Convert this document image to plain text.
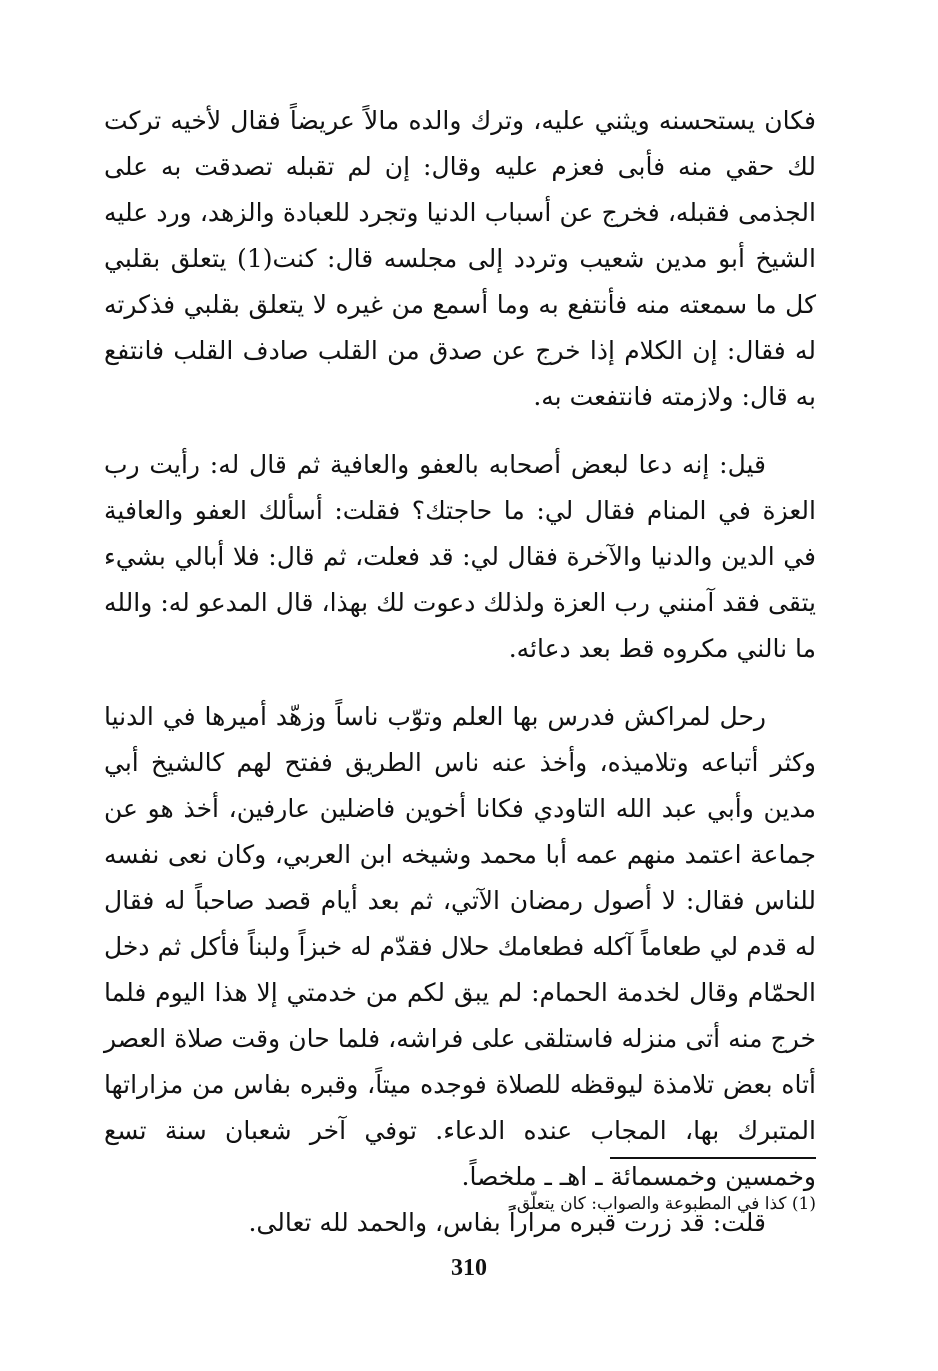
فكان يستحسنه ويثني عليه، وترك والده مالاً عريضاً فقال لأخيه تركت لك حقي منه فأبى فعزم عليه وقال: إن لم تقبله تصدقت به على الجذمى فقبله، فخرج عن أسباب الدنيا وتجرد للعبادة والزهد، ورد عليه الشيخ أبو مدين شعيب وتردد إلى مجلسه قال: كنت(1) يتعلق بقلبي كل ما سمعته منه فأنتفع به وما أسمع من غيره لا يتعلق بقلبي فذكرته له فقال: إن الكلام إذا خرج عن صدق من القلب صادف القلب فانتفع به قال: ولازمته فانتفعت به.

قيل: إنه دعا لبعض أصحابه بالعفو والعافية ثم قال له: رأيت رب العزة في المنام فقال لي: ما حاجتك؟ فقلت: أسألك العفو والعافية في الدين والدنيا والآخرة فقال لي: قد فعلت، ثم قال: فلا أبالي بشيء يتقى فقد آمنني رب العزة ولذلك دعوت لك بهذا، قال المدعو له: والله ما نالني مكروه قط بعد دعائه.

رحل لمراكش فدرس بها العلم وتوّب ناساً وزهّد أميرها في الدنيا وكثر أتباعه وتلاميذه، وأخذ عنه ناس الطريق ففتح لهم كالشيخ أبي مدين وأبي عبد الله التاودي فكانا أخوين فاضلين عارفين، أخذ هو عن جماعة اعتمد منهم عمه أبا محمد وشيخه ابن العربي، وكان نعى نفسه للناس فقال: لا أصول رمضان الآتي، ثم بعد أيام قصد صاحباً له فقال له قدم لي طعاماً آكله فطعامك حلال فقدّم له خبزاً ولبناً فأكل ثم دخل الحمّام وقال لخدمة الحمام: لم يبق لكم من خدمتي إلا هذا اليوم فلما خرج منه أتى منزله فاستلقى على فراشه، فلما حان وقت صلاة العصر أتاه بعض تلامذة ليوقظه للصلاة فوجده ميتاً، وقبره بفاس من مزاراتها المتبرك بها، المجاب عنده الدعاء. توفي آخر شعبان سنة تسع وخمسين وخمسمائة ـ اهـ ـ ملخصاً.

قلت: قد زرت قبره مراراً بفاس، والحمد لله تعالى.

(1) كذا في المطبوعة والصواب: كان يتعلّق.
310
